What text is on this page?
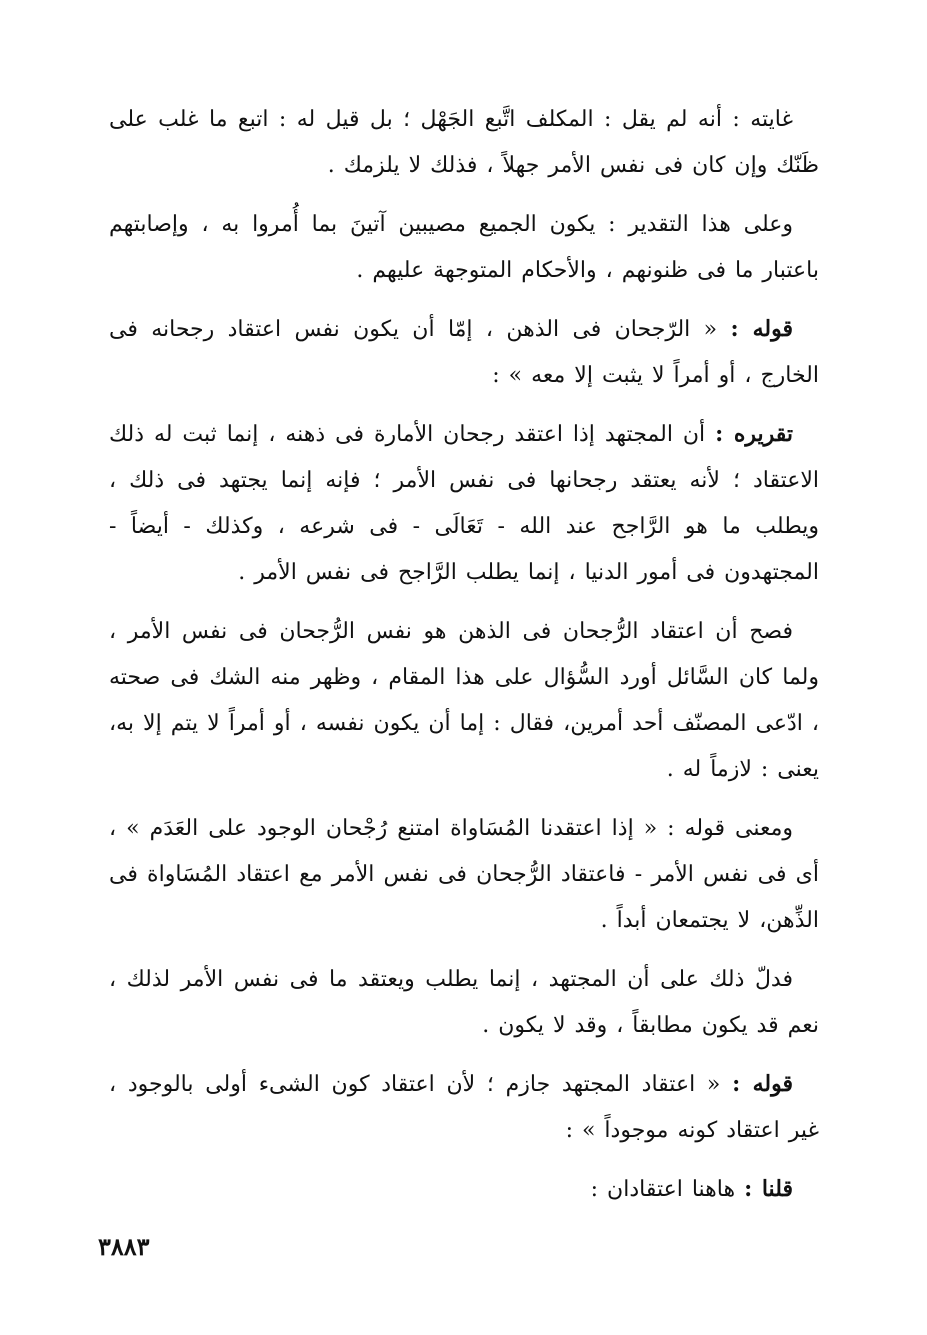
غايته : أنه لم يقل : المكلف اتَّبع الجَهْل ؛ بل قيل له : اتبع ما غلب على ظَنّك وإن كان فى نفس الأمر جهلاً ، فذلك لا يلزمك .

وعلى هذا التقدير : يكون الجميع مصيبين آتينَ بما أُمروا به ، وإصابتهم باعتبار ما فى ظنونهم ، والأحكام المتوجهة عليهم .

قوله : « الرّجحان فى الذهن ، إمّا أن يكون نفس اعتقاد رجحانه فى الخارج ، أو أمراً لا يثبت إلا معه » :

تقريره : أن المجتهد إذا اعتقد رجحان الأمارة فى ذهنه ، إنما ثبت له ذلك الاعتقاد ؛ لأنه يعتقد رجحانها فى نفس الأمر ؛ فإنه إنما يجتهد فى ذلك ، ويطلب ما هو الرَّاجح عند الله - تَعَالَى - فى شرعه ، وكذلك - أيضاً - المجتهدون فى أمور الدنيا ، إنما يطلب الرَّاجح فى نفس الأمر .

فصح أن اعتقاد الرُّجحان فى الذهن هو نفس الرُّجحان فى نفس الأمر ، ولما كان السَّائل أورد السُّؤال على هذا المقام ، وظهر منه الشك فى صحته ، ادّعى المصنّف أحد أمرين، فقال : إما أن يكون نفسه ، أو أمراً لا يتم إلا به، يعنى : لازماً له .

ومعنى قوله : « إذا اعتقدنا المُسَاواة امتنع رُجْحان الوجود على العَدَم » ، أى فى نفس الأمر - فاعتقاد الرُّجحان فى نفس الأمر مع اعتقاد المُسَاواة فى الذِّهن، لا يجتمعان أبداً .

فدلّ ذلك على أن المجتهد ، إنما يطلب ويعتقد ما فى نفس الأمر لذلك ، نعم قد يكون مطابقاً ، وقد لا يكون .

قوله : « اعتقاد المجتهد جازم ؛ لأن اعتقاد كون الشىء أولى بالوجود ، غير اعتقاد كونه موجوداً » :

قلنا : هاهنا اعتقادان :

٣٨٨٣
